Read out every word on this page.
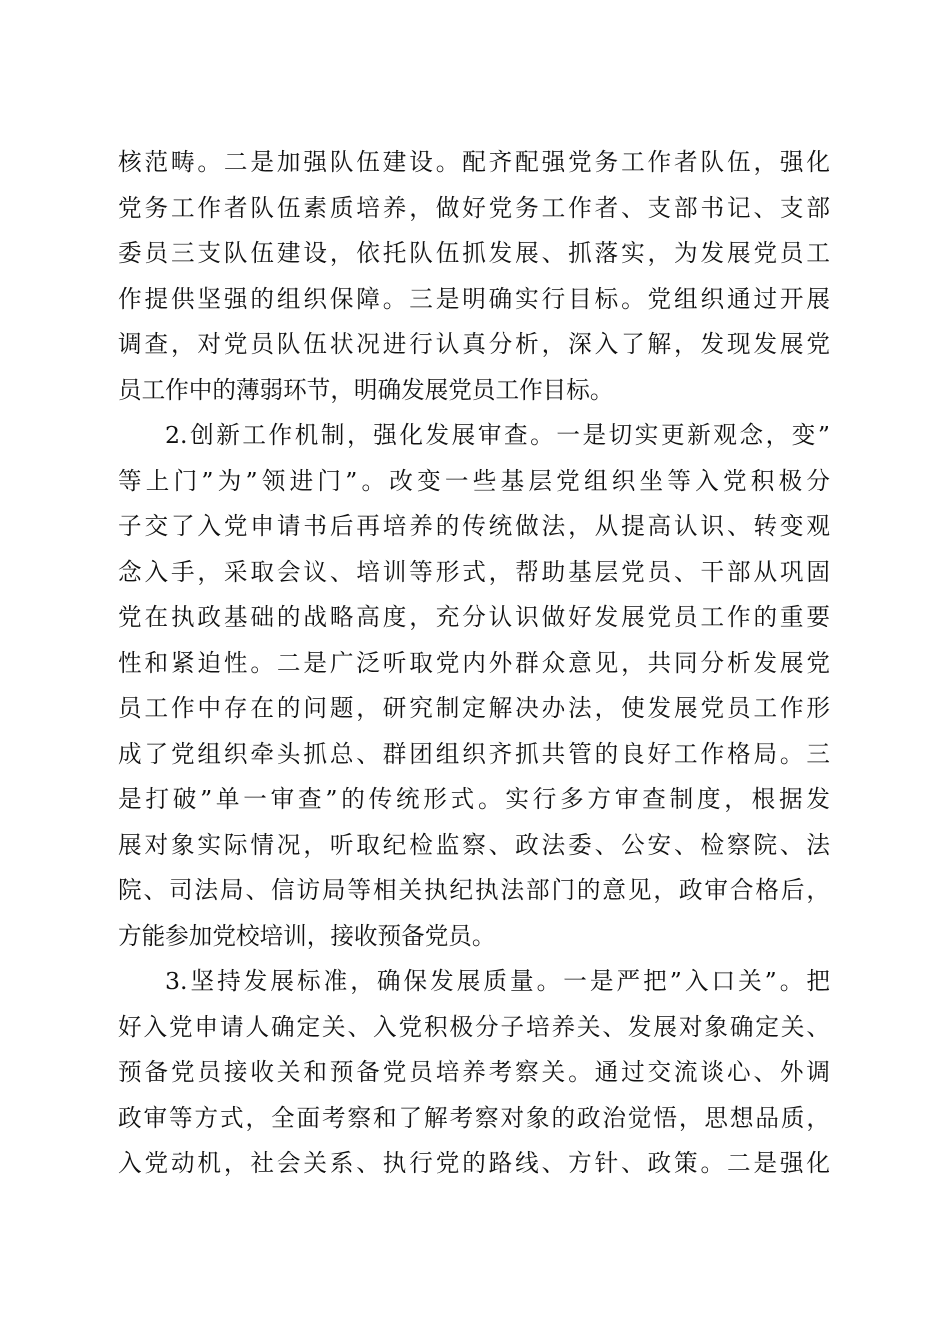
核范畴。二是加强队伍建设。配齐配强党务工作者队伍，强化
党务工作者队伍素质培养，做好党务工作者、支部书记、支部
委员三支队伍建设，依托队伍抓发展、抓落实，为发展党员工
作提供坚强的组织保障。三是明确实行目标。党组织通过开展
调查，对党员队伍状况进行认真分析，深入了解，发现发展党
员工作中的薄弱环节，明确发展党员工作目标。
2.创新工作机制，强化发展审查。一是切实更新观念，变”
等上门”为”领进门”。改变一些基层党组织坐等入党积极分
子交了入党申请书后再培养的传统做法，从提高认识、转变观
念入手，采取会议、培训等形式，帮助基层党员、干部从巩固
党在执政基础的战略高度，充分认识做好发展党员工作的重要
性和紧迫性。二是广泛听取党内外群众意见，共同分析发展党
员工作中存在的问题，研究制定解决办法，使发展党员工作形
成了党组织牵头抓总、群团组织齐抓共管的良好工作格局。三
是打破”单一审查”的传统形式。实行多方审查制度，根据发
展对象实际情况，听取纪检监察、政法委、公安、检察院、法
院、司法局、信访局等相关执纪执法部门的意见，政审合格后，
方能参加党校培训，接收预备党员。
3.坚持发展标准，确保发展质量。一是严把”入口关”。把
好入党申请人确定关、入党积极分子培养关、发展对象确定关、
预备党员接收关和预备党员培养考察关。通过交流谈心、外调
政审等方式，全面考察和了解考察对象的政治觉悟，思想品质，
入党动机，社会关系、执行党的路线、方针、政策。二是强化
